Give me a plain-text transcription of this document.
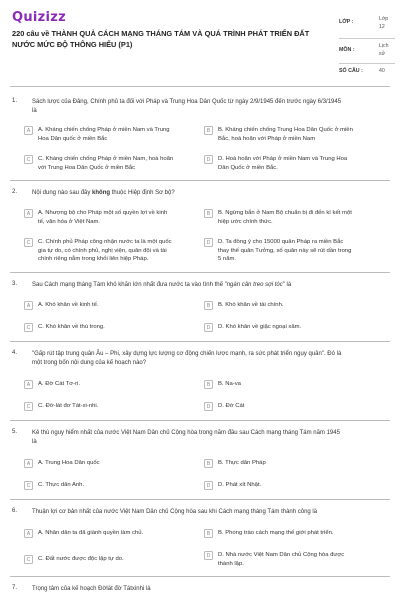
Quizizz
220 câu về THÀNH QUẢ CÁCH MẠNG THÁNG TÁM VÀ QUÁ TRÌNH PHÁT TRIỂN ĐẤT
NƯỚC MỨC ĐỘ THÔNG HIỂU (P1)
LỚP :	Lớp
12
MÔN :
Lịch
sử
SỐ CÂU :	40
1. Sách lược của Đảng, Chính phủ ta đối với Pháp và Trung Hoa Dân Quốc từ ngày 2/9/1945 đến trước ngày 6/3/1945
là
A	A. Kháng chiến chống Pháp ở miền Nam và Trung
Hoa Dân quốc ở miền Bắc
B	B. Kháng chiến chống Trung Hoa Dân Quốc ở miền
Bắc, hoà hoãn với Pháp ở miền Nam
C	C. Kháng chiến chống Pháp ở miền Nam, hoà hoãn
với Trung Hoa Dân Quốc ở miền Bắc
D	D. Hoà hoãn với Pháp ở miền Nam và Trung Hoa
Dân Quốc ở miền Bắc.
2. Nội dung nào sau đây không thuộc Hiệp định Sơ bộ?
A	A. Nhượng bộ cho Pháp một số quyền lợi về kinh
tế, văn hóa ở Việt Nam.
B	B. Ngừng bắn ở Nam Bộ chuẩn bị đi đến kí kết một
hiệp ước chính thức.
C	C. Chính phủ Pháp công nhận nước ta là một quốc
gia tự do, có chính phủ, nghị viện, quân đội và tài
chính riêng nằm trong khối liên hiệp Pháp.
D	D. Ta đồng ý cho 15000 quân Pháp ra miền Bắc
thay thế quân Tưởng, số quân này sẽ rút dần trong
5 năm.
3. Sau Cách mạng tháng Tám khó khăn lớn nhất đưa nước ta vào tình thế "ngàn cân treo sợi tóc" là
A	A. Khó khăn về kinh tế.	B	B. Khó khăn về tài chính.
C	C. Khó khăn về thù trong.	D	D. Khó khăn về giặc ngoại xâm.
4. "Gấp rút tập trung quân Âu – Phi, xây dựng lực lượng cơ động chiến lược mạnh, ra sức phát triển ngụy quân". Đó là
một trong bốn nội dung của kế hoạch nào?
A	A. Đờ Cát Tơ-ri.	B	B. Na-va
C	C. Đờ-lát đơ Tát-xi-nhi.	D	D. Đờ Cát
5. Kẻ thù nguy hiểm nhất của nước Việt Nam Dân chủ Cộng hòa trong năm đầu sau Cách mạng tháng Tám năm 1945
là
A	A. Trung Hoa Dân quốc	B	B. Thực dân Pháp
C	C. Thực dân Anh.	D	D. Phát xít Nhật.
6. Thuận lợi cơ bản nhất của nước Việt Nam Dân chủ Cộng hòa sau khi Cách mạng tháng Tám thành công là
A	A. Nhân dân ta đã giành quyền làm chủ.	B	B. Phong trào cách mạng thế giới phát triển.
C	C. Đất nước được độc lập tự do.	D	D. Nhà nước Việt Nam Dân chủ Cộng hòa được
thành lập.
7. Trọng tâm của kế hoạch Đờlát đờ Tátxinhi là
